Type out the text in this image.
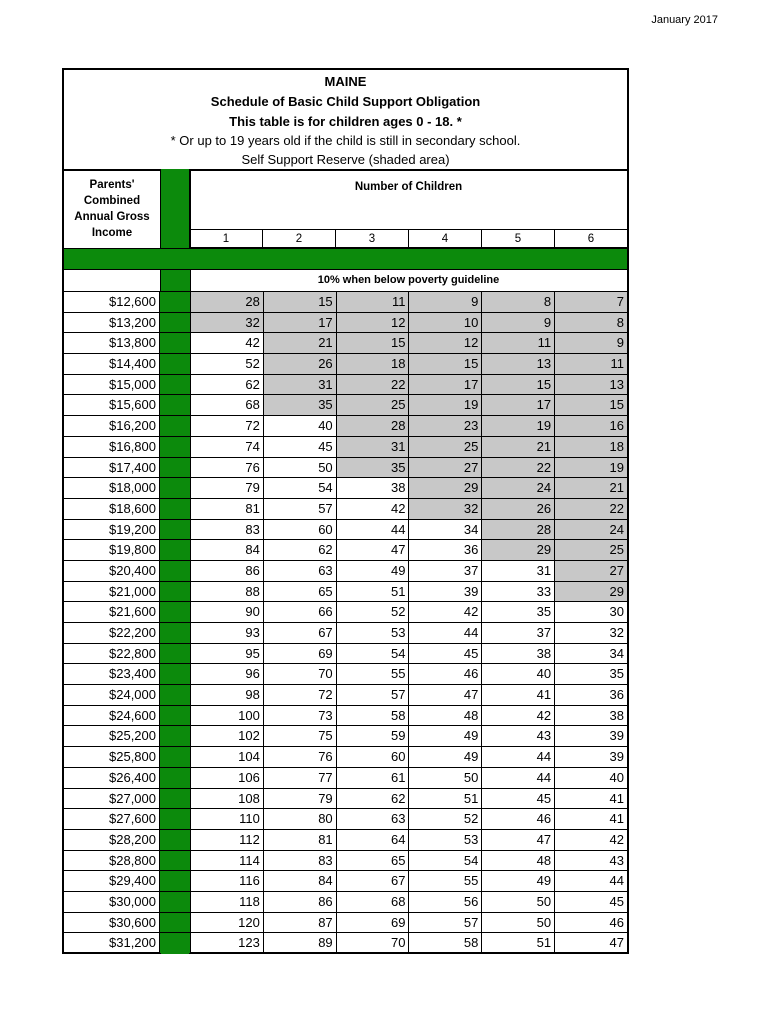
January 2017
MAINE
Schedule of Basic Child Support Obligation
This table is for children ages 0 - 18. *
* Or up to 19 years old if the child is still in secondary school.
Self Support Reserve (shaded area)
Parents' Combined Annual Gross Income
Number of Children
1	2	3	4	5	6
10% when below poverty guideline
$12,600	28	15	11	9	8	7
$13,200	32	17	12	10	9	8
$13,800	42	21	15	12	11	9
$14,400	52	26	18	15	13	11
$15,000	62	31	22	17	15	13
$15,600	68	35	25	19	17	15
$16,200	72	40	28	23	19	16
$16,800	74	45	31	25	21	18
$17,400	76	50	35	27	22	19
$18,000	79	54	38	29	24	21
$18,600	81	57	42	32	26	22
$19,200	83	60	44	34	28	24
$19,800	84	62	47	36	29	25
$20,400	86	63	49	37	31	27
$21,000	88	65	51	39	33	29
$21,600	90	66	52	42	35	30
$22,200	93	67	53	44	37	32
$22,800	95	69	54	45	38	34
$23,400	96	70	55	46	40	35
$24,000	98	72	57	47	41	36
$24,600	100	73	58	48	42	38
$25,200	102	75	59	49	43	39
$25,800	104	76	60	49	44	39
$26,400	106	77	61	50	44	40
$27,000	108	79	62	51	45	41
$27,600	110	80	63	52	46	41
$28,200	112	81	64	53	47	42
$28,800	114	83	65	54	48	43
$29,400	116	84	67	55	49	44
$30,000	118	86	68	56	50	45
$30,600	120	87	69	57	50	46
$31,200	123	89	70	58	51	47
